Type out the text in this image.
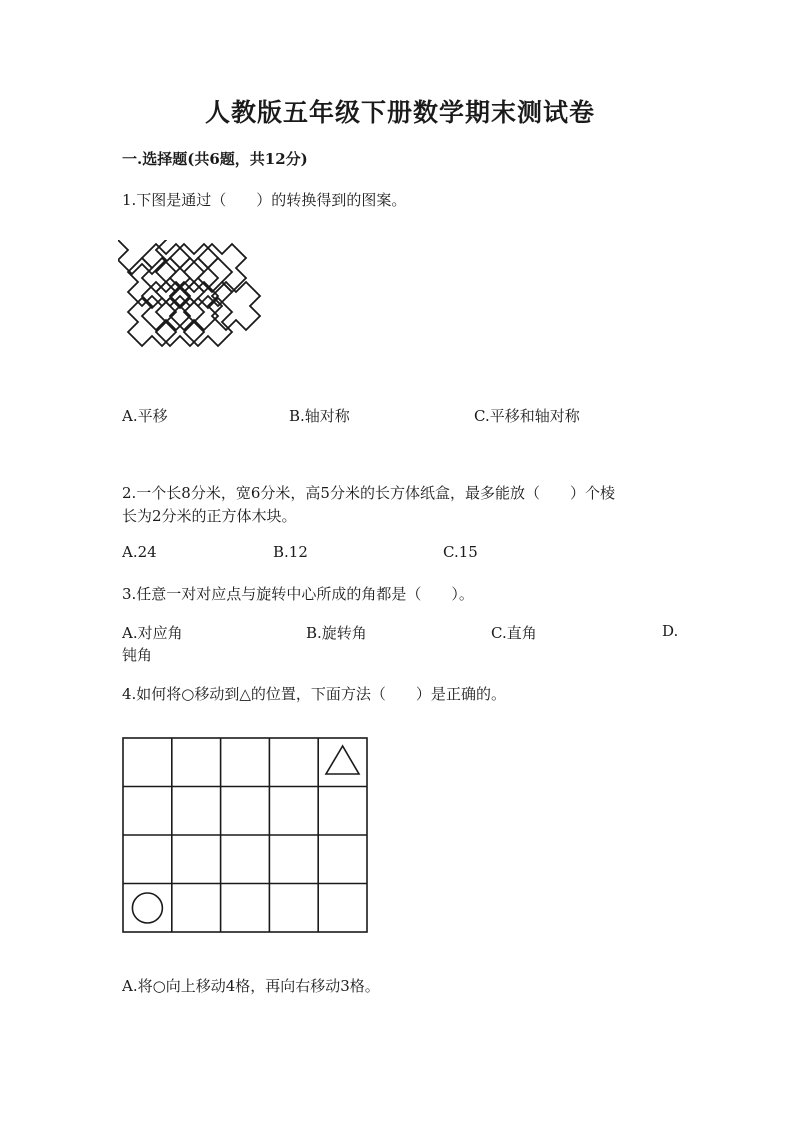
人教版五年级下册数学期末测试卷
一.选择题(共6题，共12分)
1.下图是通过（　　）的转换得到的图案。
A.平移	B.轴对称	C.平移和轴对称
2.一个长8分米，宽6分米，高5分米的长方体纸盒，最多能放（　　）个棱
长为2分米的正方体木块。
A.24	B.12	C.15
3.任意一对对应点与旋转中心所成的角都是（　　）。
A.对应角	B.旋转角	C.直角	D.
钝角
4.如何将○移动到△的位置，下面方法（　　）是正确的。
A.将○向上移动4格，再向右移动3格。
